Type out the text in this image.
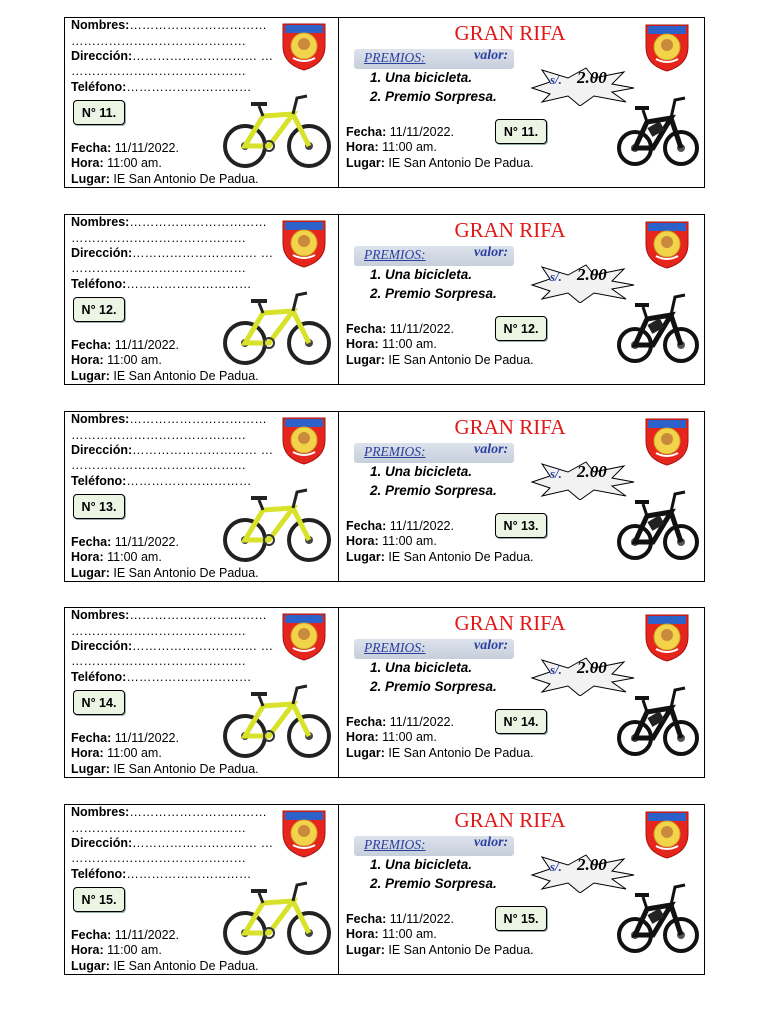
Nombres:……………………………
……………………………………
Dirección:………………………… …
……………………………………
Teléfono:…………………………
N° 11.
Fecha: 11/11/2022.
Hora: 11:00 am.
Lugar: IE San Antonio De Padua.
GRAN RIFA
PREMIOS:	valor:
1. Una bicicleta.
2. Premio Sorpresa.
s/. 2.00
N° 11.
Fecha: 11/11/2022.
Hora: 11:00 am.
Lugar: IE San Antonio De Padua.
Nombres:……………………………
……………………………………
Dirección:………………………… …
……………………………………
Teléfono:…………………………
N° 12.
Fecha: 11/11/2022.
Hora: 11:00 am.
Lugar: IE San Antonio De Padua.
GRAN RIFA
PREMIOS:	valor:
1. Una bicicleta.
2. Premio Sorpresa.
s/. 2.00
N° 12.
Fecha: 11/11/2022.
Hora: 11:00 am.
Lugar: IE San Antonio De Padua.
Nombres:……………………………
……………………………………
Dirección:………………………… …
……………………………………
Teléfono:…………………………
N° 13.
Fecha: 11/11/2022.
Hora: 11:00 am.
Lugar: IE San Antonio De Padua.
GRAN RIFA
PREMIOS:	valor:
1. Una bicicleta.
2. Premio Sorpresa.
s/. 2.00
N° 13.
Fecha: 11/11/2022.
Hora: 11:00 am.
Lugar: IE San Antonio De Padua.
Nombres:……………………………
……………………………………
Dirección:………………………… …
……………………………………
Teléfono:…………………………
N° 14.
Fecha: 11/11/2022.
Hora: 11:00 am.
Lugar: IE San Antonio De Padua.
GRAN RIFA
PREMIOS:	valor:
1. Una bicicleta.
2. Premio Sorpresa.
s/. 2.00
N° 14.
Fecha: 11/11/2022.
Hora: 11:00 am.
Lugar: IE San Antonio De Padua.
Nombres:……………………………
……………………………………
Dirección:………………………… …
……………………………………
Teléfono:…………………………
N° 15.
Fecha: 11/11/2022.
Hora: 11:00 am.
Lugar: IE San Antonio De Padua.
GRAN RIFA
PREMIOS:	valor:
1. Una bicicleta.
2. Premio Sorpresa.
s/. 2.00
N° 15.
Fecha: 11/11/2022.
Hora: 11:00 am.
Lugar: IE San Antonio De Padua.
